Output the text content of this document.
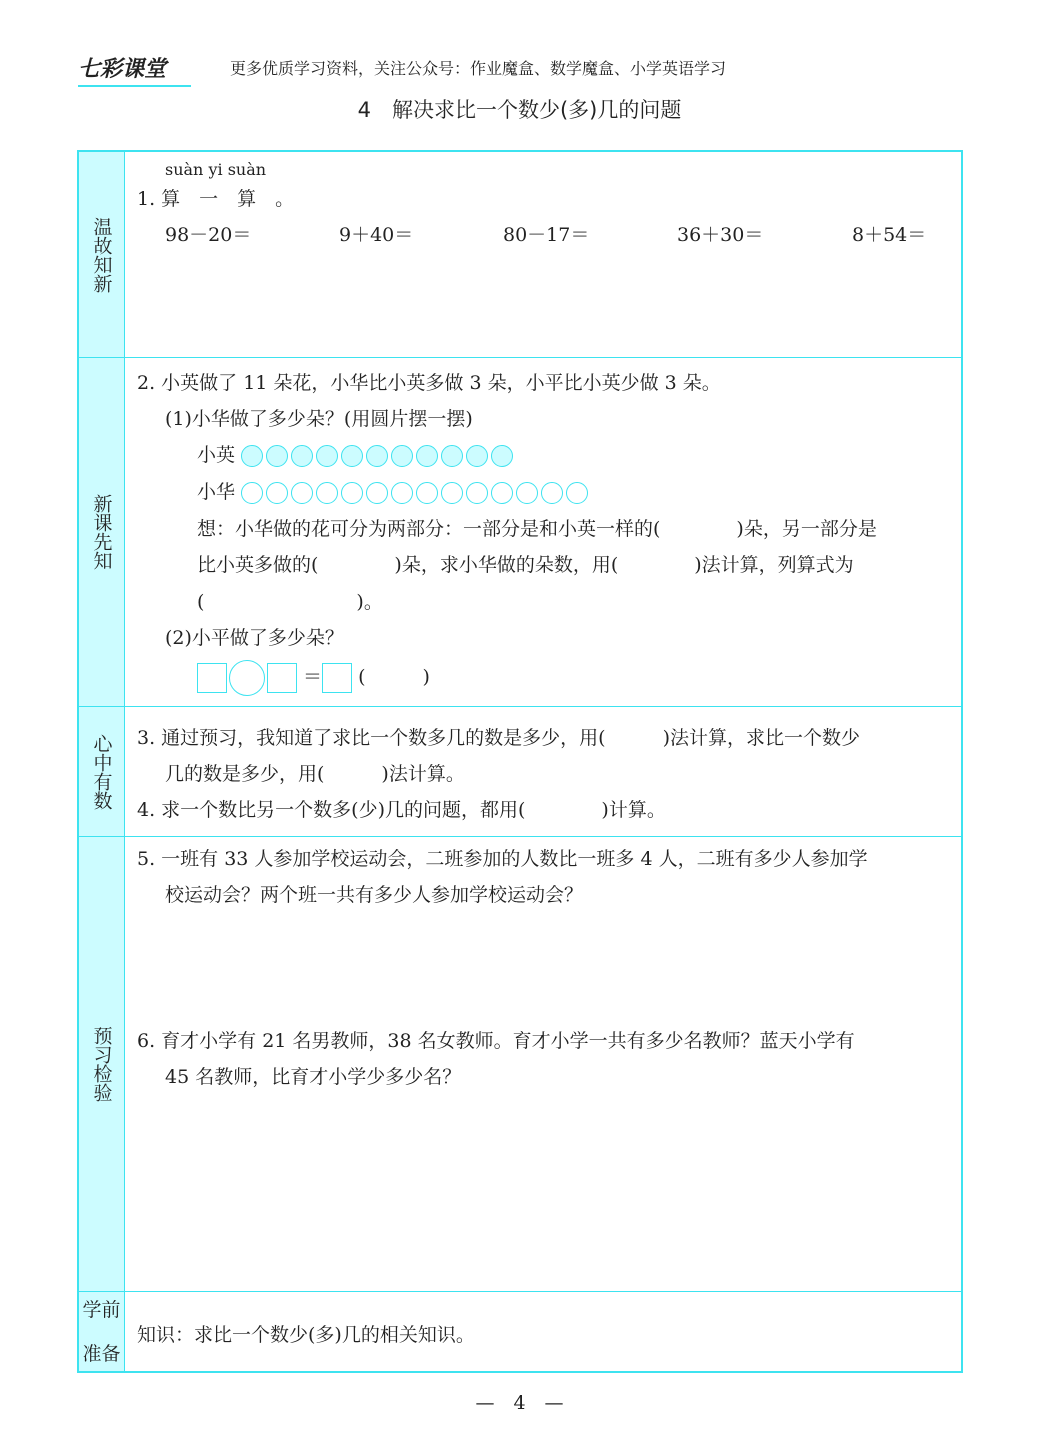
七彩课堂	更多优质学习资料，关注公众号：作业魔盒、数学魔盒、小学英语学习
4　解决求比一个数少(多)几的问题
温故知新
suàn yi suàn
1. 算　一　算　。
98－20＝	9＋40＝	80－17＝	36＋30＝	8＋54＝
新课先知
2. 小英做了 11 朵花，小华比小英多做 3 朵，小平比小英少做 3 朵。
(1)小华做了多少朵？(用圆片摆一摆)
小英
小华
想：小华做的花可分为两部分：一部分是和小英一样的(　　　　)朵，另一部分是
比小英多做的(　　　　)朵，求小华做的朵数，用(　　　　)法计算，列算式为
(　　　　　　　　)。
(2)小平做了多少朵？
＝ (　　　)
心中有数	3. 通过预习，我知道了求比一个数多几的数是多少，用(　　　)法计算，求比一个数少
几的数是多少，用(　　　)法计算。
4. 求一个数比另一个数多(少)几的问题，都用(　　　　)计算。
预习检验
5. 一班有 33 人参加学校运动会，二班参加的人数比一班多 4 人，二班有多少人参加学
校运动会？两个班一共有多少人参加学校运动会？
6. 育才小学有 21 名男教师，38 名女教师。育才小学一共有多少名教师？蓝天小学有
45 名教师，比育才小学少多少名？
学前准备
知识：求比一个数少(多)几的相关知识。
—　4　—
